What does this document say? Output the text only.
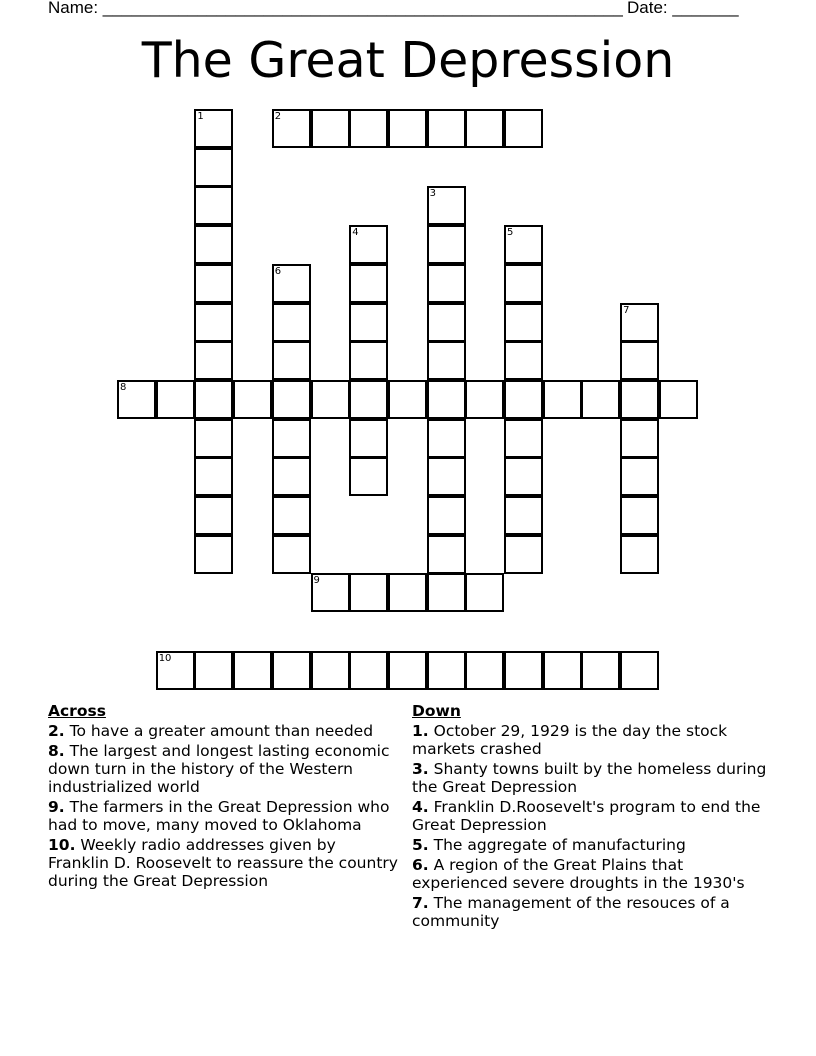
Name: _______________________________________________________ Date: _______
The Great Depression
1	2
3
4	5
6
7
8
9
10
Across
2. To have a greater amount than needed
8. The largest and longest lasting economic down turn in the history of the Western industrialized world
9. The farmers in the Great Depression who had to move, many moved to Oklahoma
10. Weekly radio addresses given by Franklin D. Roosevelt to reassure the country during the Great Depression
Down
1. October 29, 1929 is the day the stock markets crashed
3. Shanty towns built by the homeless during the Great Depression
4. Franklin D.Roosevelt's program to end the Great Depression
5. The aggregate of manufacturing
6. A region of the Great Plains that experienced severe droughts in the 1930's
7. The management of the resouces of a community
